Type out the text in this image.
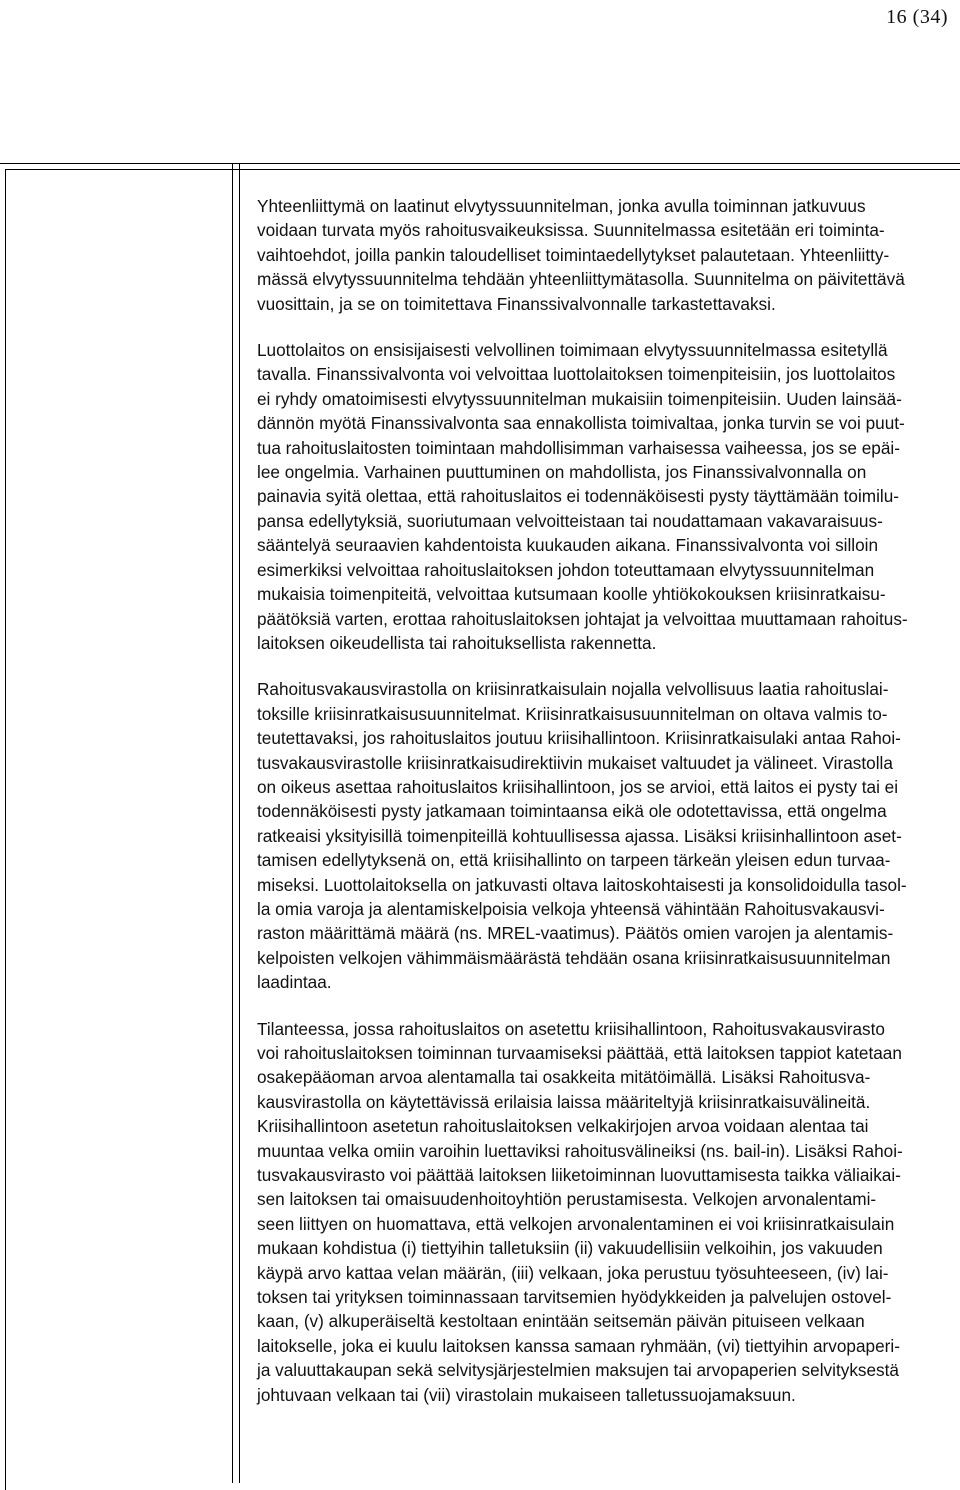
16 (34)

Yhteenliittymä on laatinut elvytyssuunnitelman, jonka avulla toiminnan jatkuvuus
voidaan turvata myös rahoitusvaikeuksissa. Suunnitelmassa esitetään eri toiminta-
vaihtoehdot, joilla pankin taloudelliset toimintaedellytykset palautetaan. Yhteenliitty-
mässä elvytyssuunnitelma tehdään yhteenliittymätasolla. Suunnitelma on päivitettävä
vuosittain, ja se on toimitettava Finanssivalvonnalle tarkastettavaksi.

Luottolaitos on ensisijaisesti velvollinen toimimaan elvytyssuunnitelmassa esitetyllä
tavalla. Finanssivalvonta voi velvoittaa luottolaitoksen toimenpiteisiin, jos luottolaitos
ei ryhdy omatoimisesti elvytyssuunnitelman mukaisiin toimenpiteisiin. Uuden lainsää-
dännön myötä Finanssivalvonta saa ennakollista toimivaltaa, jonka turvin se voi puut-
tua rahoituslaitosten toimintaan mahdollisimman varhaisessa vaiheessa, jos se epäi-
lee ongelmia. Varhainen puuttuminen on mahdollista, jos Finanssivalvonnalla on
painavia syitä olettaa, että rahoituslaitos ei todennäköisesti pysty täyttämään toimilu-
pansa edellytyksiä, suoriutumaan velvoitteistaan tai noudattamaan vakavaraisuus-
sääntelyä seuraavien kahdentoista kuukauden aikana. Finanssivalvonta voi silloin
esimerkiksi velvoittaa rahoituslaitoksen johdon toteuttamaan elvytyssuunnitelman
mukaisia toimenpiteitä, velvoittaa kutsumaan koolle yhtiökokouksen kriisinratkaisu-
päätöksiä varten, erottaa rahoituslaitoksen johtajat ja velvoittaa muuttamaan rahoitus-
laitoksen oikeudellista tai rahoituksellista rakennetta.

Rahoitusvakausvirastolla on kriisinratkaisulain nojalla velvollisuus laatia rahoituslai-
toksille kriisinratkaisusuunnitelmat. Kriisinratkaisusuunnitelman on oltava valmis to-
teutettavaksi, jos rahoituslaitos joutuu kriisihallintoon. Kriisinratkaisulaki antaa Rahoi-
tusvakausvirastolle kriisinratkaisudirektiivin mukaiset valtuudet ja välineet. Virastolla
on oikeus asettaa rahoituslaitos kriisihallintoon, jos se arvioi, että laitos ei pysty tai ei
todennäköisesti pysty jatkamaan toimintaansa eikä ole odotettavissa, että ongelma
ratkeaisi yksityisillä toimenpiteillä kohtuullisessa ajassa. Lisäksi kriisinhallintoon aset-
tamisen edellytyksenä on, että kriisihallinto on tarpeen tärkeän yleisen edun turvaa-
miseksi. Luottolaitoksella on jatkuvasti oltava laitoskohtaisesti ja konsolidoidulla tasol-
la omia varoja ja alentamiskelpoisia velkoja yhteensä vähintään Rahoitusvakausvi-
raston määrittämä määrä (ns. MREL-vaatimus). Päätös omien varojen ja alentamis-
kelpoisten velkojen vähimmäismäärästä tehdään osana kriisinratkaisusuunnitelman
laadintaa.

Tilanteessa, jossa rahoituslaitos on asetettu kriisihallintoon, Rahoitusvakausvirasto
voi rahoituslaitoksen toiminnan turvaamiseksi päättää, että laitoksen tappiot katetaan
osakepääoman arvoa alentamalla tai osakkeita mitätöimällä. Lisäksi Rahoitusva-
kausvirastolla on käytettävissä erilaisia laissa määriteltyjä kriisinratkaisuvälineitä.
Kriisihallintoon asetetun rahoituslaitoksen velkakirjojen arvoa voidaan alentaa tai
muuntaa velka omiin varoihin luettaviksi rahoitusvälineiksi (ns. bail-in). Lisäksi Rahoi-
tusvakausvirasto voi päättää laitoksen liiketoiminnan luovuttamisesta taikka väliaikai-
sen laitoksen tai omaisuudenhoitoyhtiön perustamisesta. Velkojen arvonalentami-
seen liittyen on huomattava, että velkojen arvonalentaminen ei voi kriisinratkaisulain
mukaan kohdistua (i) tiettyihin talletuksiin (ii) vakuudellisiin velkoihin, jos vakuuden
käypä arvo kattaa velan määrän, (iii) velkaan, joka perustuu työsuhteeseen, (iv) lai-
toksen tai yrityksen toiminnassaan tarvitsemien hyödykkeiden ja palvelujen ostovel-
kaan, (v) alkuperäiseltä kestoltaan enintään seitsemän päivän pituiseen velkaan
laitokselle, joka ei kuulu laitoksen kanssa samaan ryhmään, (vi) tiettyihin arvopaperi-
ja valuuttakaupan sekä selvitysjärjestelmien maksujen tai arvopaperien selvityksestä
johtuvaan velkaan tai (vii) virastolain mukaiseen talletussuojamaksuun.
